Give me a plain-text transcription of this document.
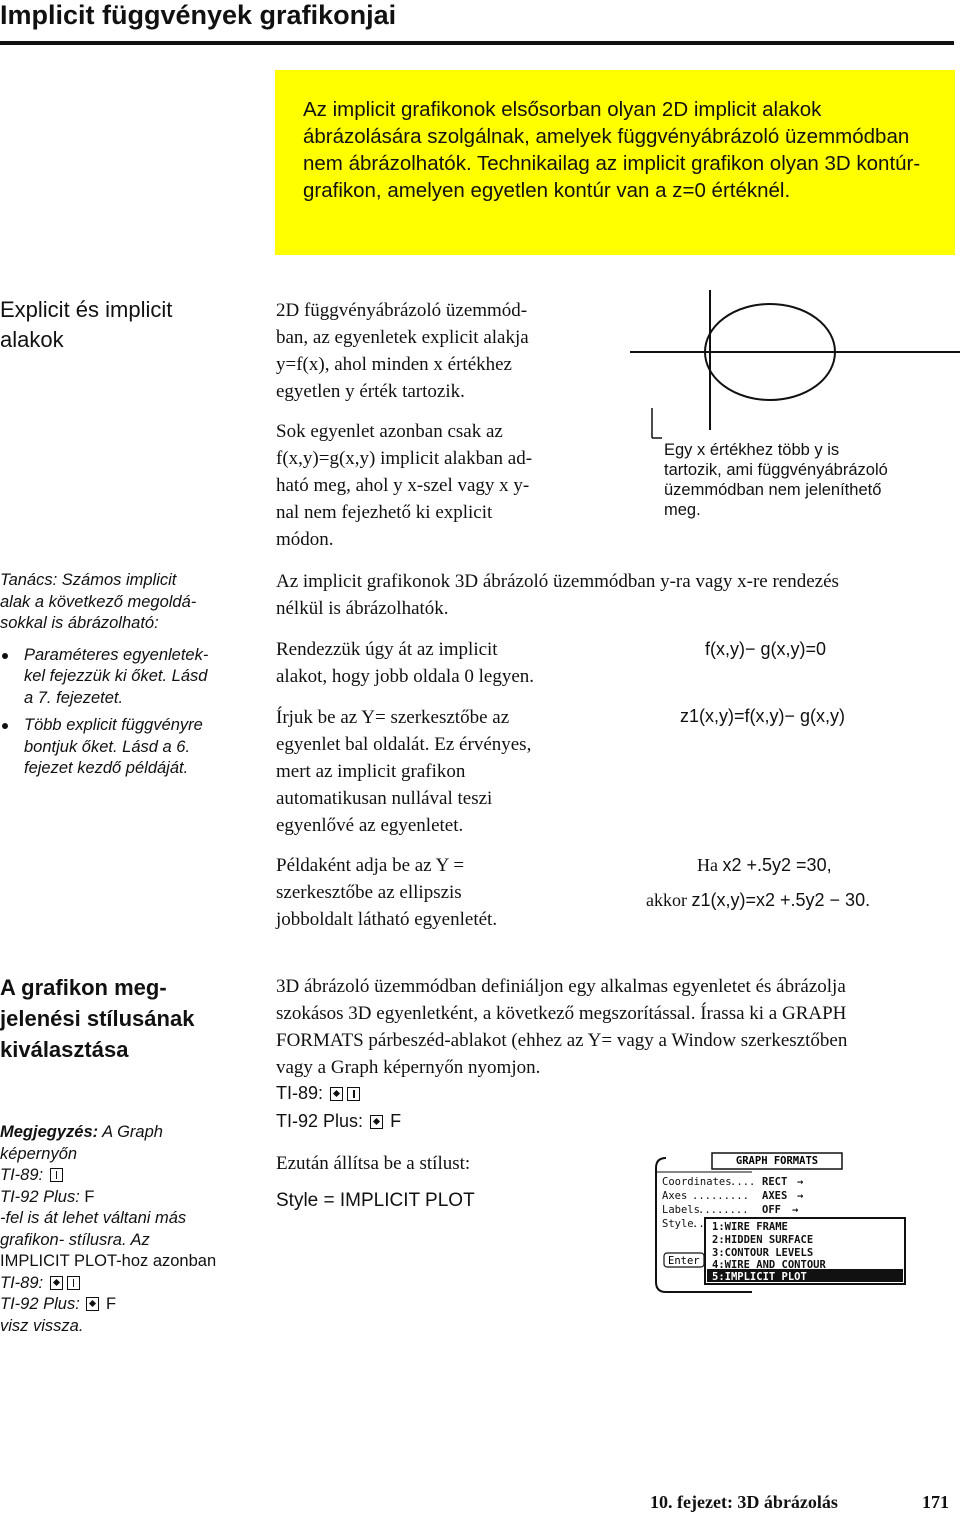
Implicit függvények grafikonjai
Az implicit grafikonok elsősorban olyan 2D implicit alakok ábrázolására szolgálnak, amelyek függvényábrázoló üzemmódban nem ábrázolhatók. Technikailag az implicit grafikon olyan 3D kontúr-grafikon, amelyen egyetlen kontúr van a z=0 értéknél.
Explicit és implicit
alakok
2D függvényábrázoló üzemmód-
ban, az egyenletek explicit alakja
y=f(x), ahol minden x értékhez
egyetlen y érték tartozik.
Sok egyenlet azonban csak az
f(x,y)=g(x,y) implicit alakban ad-
ható meg, ahol y x-szel vagy x y-
nal nem fejezhető ki explicit
módon.
Egy x értékhez több y is
tartozik, ami függvényábrázoló
üzemmódban nem jeleníthető
meg.
Tanács: Számos implicit
alak a következő megoldá-
sokkal is ábrázolható:
Paraméteres egyenletek-
kel fejezzük ki őket. Lásd
a 7. fejezetet.
Több explicit függvényre
bontjuk őket. Lásd a 6.
fejezet kezdő példáját.
Az implicit grafikonok 3D ábrázoló üzemmódban y-ra vagy x-re rendezés
nélkül is ábrázolhatók.
Rendezzük úgy át az implicit
alakot, hogy jobb oldala 0 legyen.
f(x,y)− g(x,y)=0
Írjuk be az Y= szerkesztőbe az
egyenlet bal oldalát. Ez érvényes,
mert az implicit grafikon
automatikusan nullával teszi
egyenlővé az egyenletet.
z1(x,y)=f(x,y)− g(x,y)
Példaként adja be az Y =
szerkesztőbe az ellipszis
jobboldalt látható egyenletét.
Ha x2 +.5y2 =30,
akkor z1(x,y)=x2 +.5y2 − 30.
A grafikon meg-
jelenési stílusának
kiválasztása
3D ábrázoló üzemmódban definiáljon egy alkalmas egyenletet és ábrázolja
szokásos 3D egyenletként, a következő megszorítással. Írassa ki a GRAPH
FORMATS párbeszéd-ablakot (ehhez az Y= vagy a Window szerkesztőben
vagy a Graph képernyőn nyomjon.
TI-89:
TI-92 Plus: F
Ezután állítsa be a stílust:
Style = IMPLICIT PLOT
Megjegyzés: A Graph
képernyőn
TI-89:
TI-92 Plus: F
-fel is át lehet váltani más
grafikon- stílusra. Az
IMPLICIT PLOT-hoz azonban
TI-89:
TI-92 Plus: F
visz vissza.
GRAPH FORMATS
Coordinates
.... RECT →
Axes ......... AXES →
Labels
........ OFF →
Style
..
Enter
1:WIRE FRAME
2:HIDDEN SURFACE
3:CONTOUR LEVELS
4:WIRE AND CONTOUR
5:IMPLICIT PLOT
10. fejezet: 3D ábrázolás	171
